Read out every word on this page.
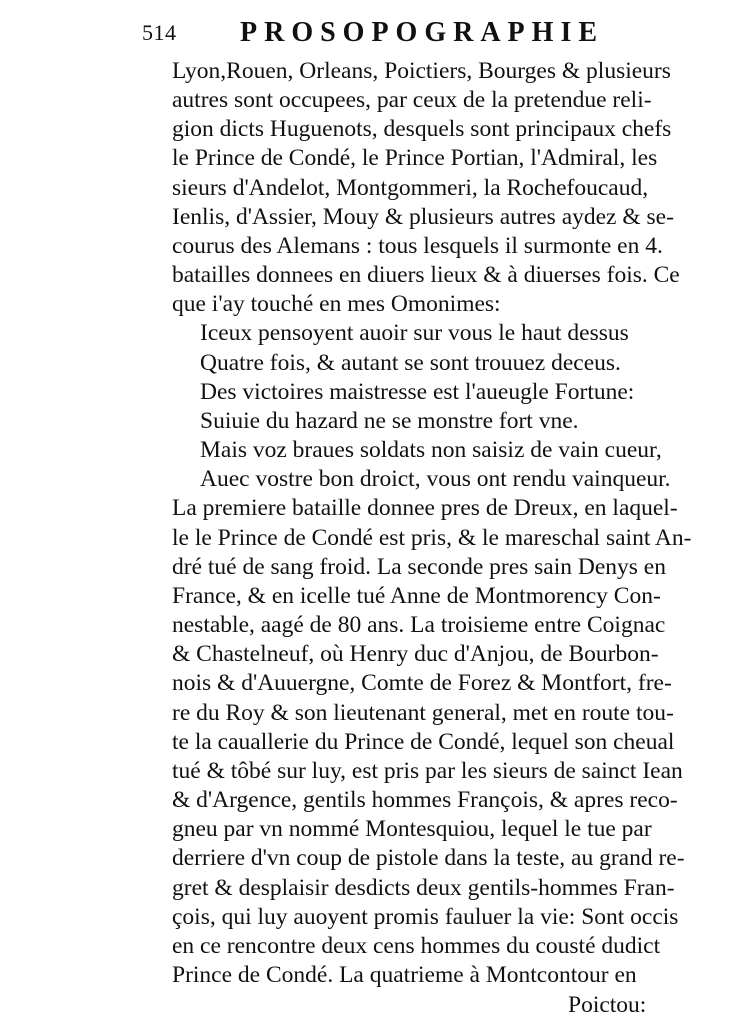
514 PROSOPOGRAPHIE
Lyon,Rouen, Orleans, Poictiers, Bourges & plusieurs
autres sont occupees, par ceux de la pretendue reli-
gion dicts Huguenots, desquels sont principaux chefs
le Prince de Condé, le Prince Portian, l'Admiral, les
sieurs d'Andelot, Montgommeri, la Rochefoucaud,
Ienlis, d'Assier, Mouy & plusieurs autres aydez & se-
courus des Alemans : tous lesquels il surmonte en 4.
batailles donnees en diuers lieux & à diuerses fois. Ce
que i'ay touché en mes Omonimes:
Iceux pensoyent auoir sur vous le haut dessus
Quatre fois, & autant se sont trouuez deceus.
Des victoires maistresse est l'aueugle Fortune:
Suiuie du hazard ne se monstre fort vne.
Mais voz braues soldats non saisiz de vain cueur,
Auec vostre bon droict, vous ont rendu vainqueur.
La premiere bataille donnee pres de Dreux, en laquel-
le le Prince de Condé est pris, & le mareschal saint An-
dré tué de sang froid. La seconde pres sain Denys en
France, & en icelle tué Anne de Montmorency Con-
nestable, aagé de 80 ans. La troisieme entre Coignac
& Chastelneuf, où Henry duc d'Anjou, de Bourbon-
nois & d'Auuergne, Comte de Forez & Montfort, fre-
re du Roy & son lieutenant general, met en route tou-
te la cauallerie du Prince de Condé, lequel son cheual
tué & tôbé sur luy, est pris par les sieurs de sainct Iean
& d'Argence, gentils hommes François, & apres reco-
gneu par vn nommé Montesquiou, lequel le tue par
derriere d'vn coup de pistole dans la teste, au grand re-
gret & desplaisir desdicts deux gentils-hommes Fran-
çois, qui luy auoyent promis fauluer la vie: Sont occis
en ce rencontre deux cens hommes du cousté dudict
Prince de Condé. La quatrieme à Montcontour en
Poictou:
